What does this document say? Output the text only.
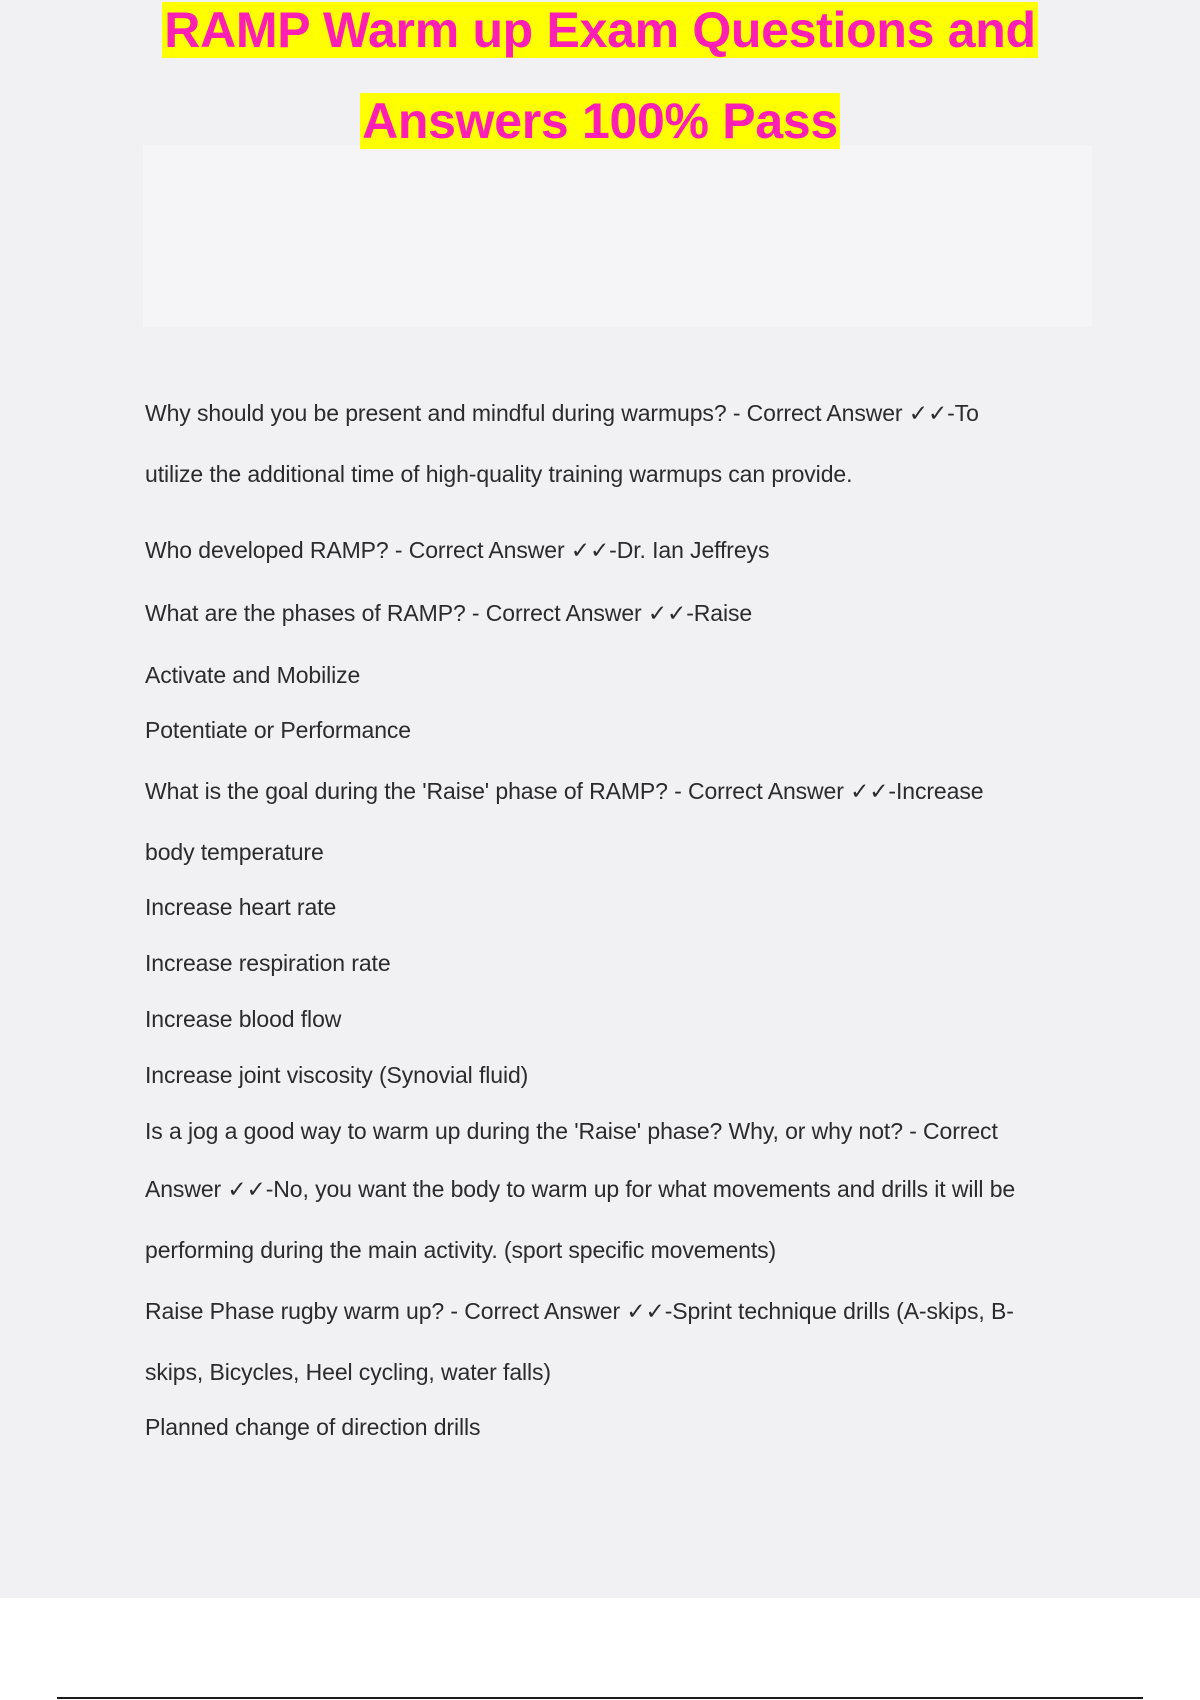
RAMP Warm up Exam Questions and
Answers 100% Pass
Why should you be present and mindful during warmups? - Correct Answer ✓✓-To
utilize the additional time of high-quality training warmups can provide.
Who developed RAMP? - Correct Answer ✓✓-Dr. Ian Jeffreys
What are the phases of RAMP? - Correct Answer ✓✓-Raise
Activate and Mobilize
Potentiate or Performance
What is the goal during the 'Raise' phase of RAMP? - Correct Answer ✓✓-Increase
body temperature
Increase heart rate
Increase respiration rate
Increase blood flow
Increase joint viscosity (Synovial fluid)
Is a jog a good way to warm up during the 'Raise' phase? Why, or why not? - Correct
Answer ✓✓-No, you want the body to warm up for what movements and drills it will be
performing during the main activity. (sport specific movements)
Raise Phase rugby warm up? - Correct Answer ✓✓-Sprint technique drills (A-skips, B-
skips, Bicycles, Heel cycling, water falls)
Planned change of direction drills
